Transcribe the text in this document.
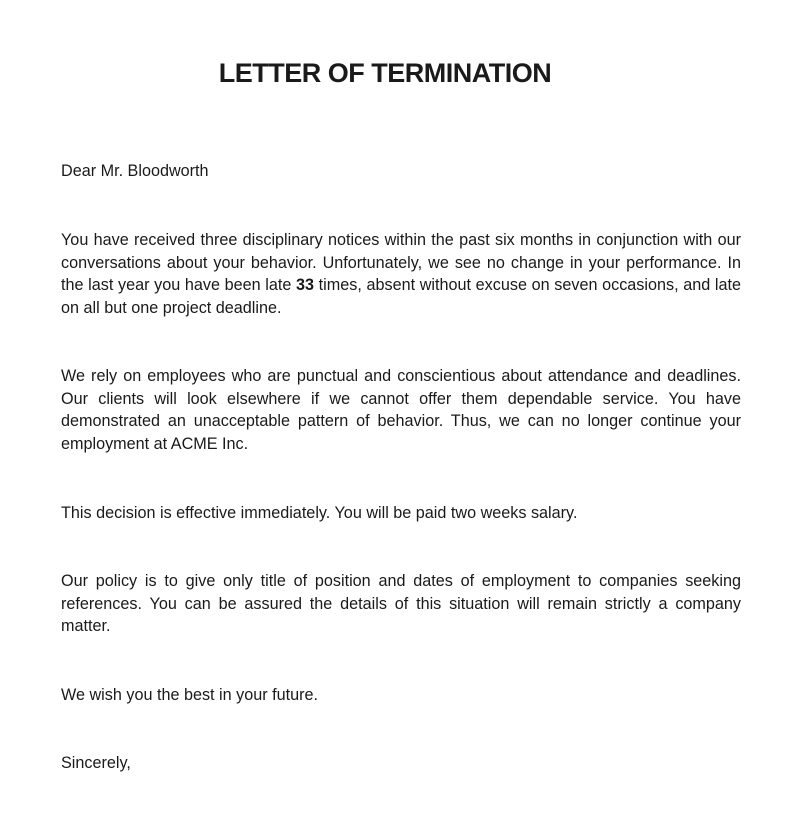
LETTER OF TERMINATION

Dear Mr. Bloodworth

You have received three disciplinary notices within the past six months in conjunction with our conversations about your behavior. Unfortunately, we see no change in your performance. In the last year you have been late 33 times, absent without excuse on seven occasions, and late on all but one project deadline.

We rely on employees who are punctual and conscientious about attendance and deadlines. Our clients will look elsewhere if we cannot offer them dependable service. You have demonstrated an unacceptable pattern of behavior. Thus, we can no longer continue your employment at ACME Inc.

This decision is effective immediately. You will be paid two weeks salary.

Our policy is to give only title of position and dates of employment to companies seeking references. You can be assured the details of this situation will remain strictly a company matter.

We wish you the best in your future.

Sincerely,
